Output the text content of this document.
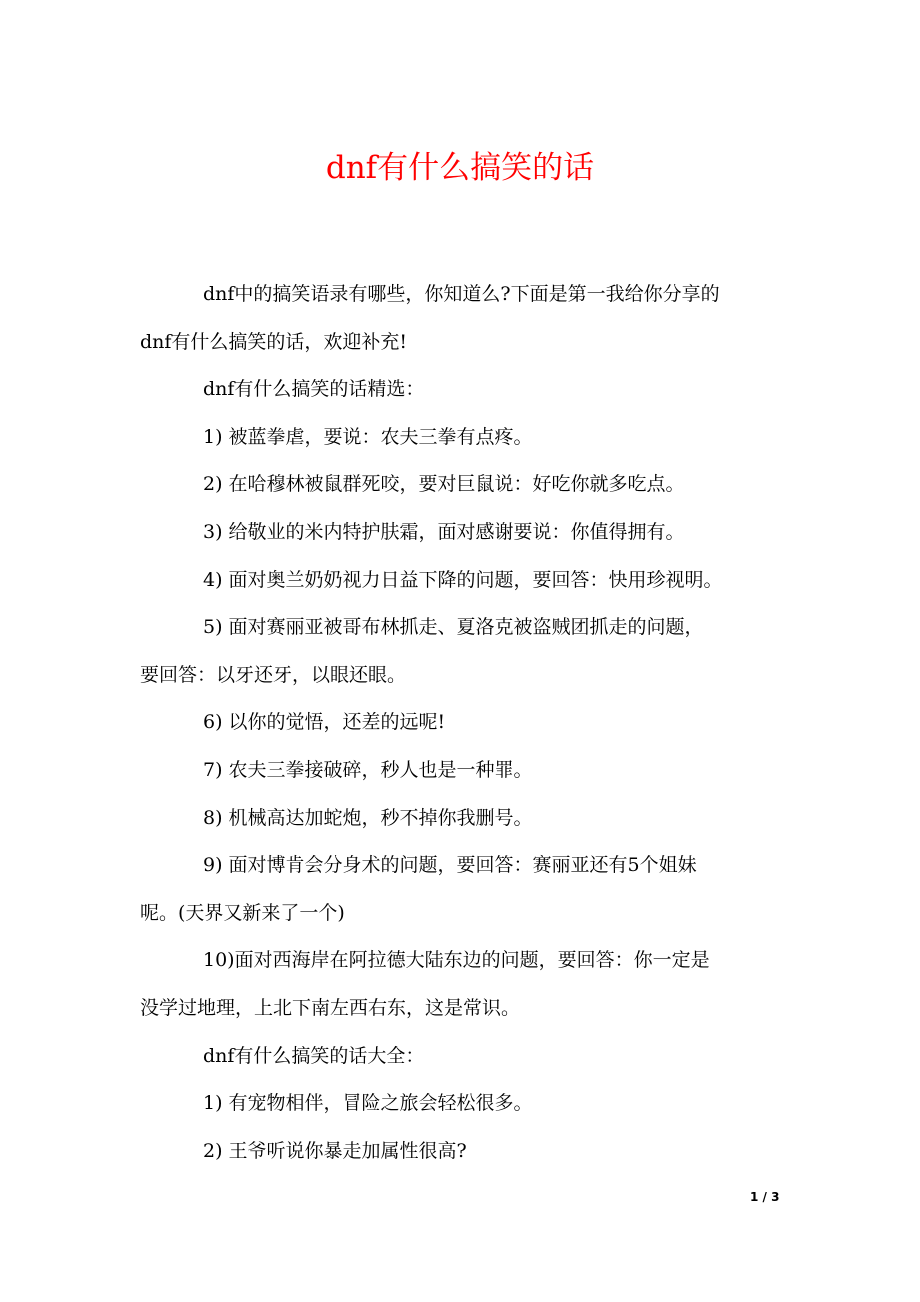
dnf有什么搞笑的话
dnf中的搞笑语录有哪些，你知道么?下面是第一我给你分享的
dnf有什么搞笑的话，欢迎补充!
dnf有什么搞笑的话精选：
1) 被蓝拳虐，要说：农夫三拳有点疼。
2) 在哈穆林被鼠群死咬，要对巨鼠说：好吃你就多吃点。
3) 给敬业的米内特护肤霜，面对感谢要说：你值得拥有。
4) 面对奥兰奶奶视力日益下降的问题，要回答：快用珍视明。
5) 面对赛丽亚被哥布林抓走、夏洛克被盗贼团抓走的问题，
要回答：以牙还牙，以眼还眼。
6) 以你的觉悟，还差的远呢!
7) 农夫三拳接破碎，秒人也是一种罪。
8) 机械高达加蛇炮，秒不掉你我删号。
9) 面对博肯会分身术的问题，要回答：赛丽亚还有5个姐妹
呢。(天界又新来了一个)
10)面对西海岸在阿拉德大陆东边的问题，要回答：你一定是
没学过地理，上北下南左西右东，这是常识。
dnf有什么搞笑的话大全：
1) 有宠物相伴，冒险之旅会轻松很多。
2) 王爷听说你暴走加属性很高?
1 / 3
